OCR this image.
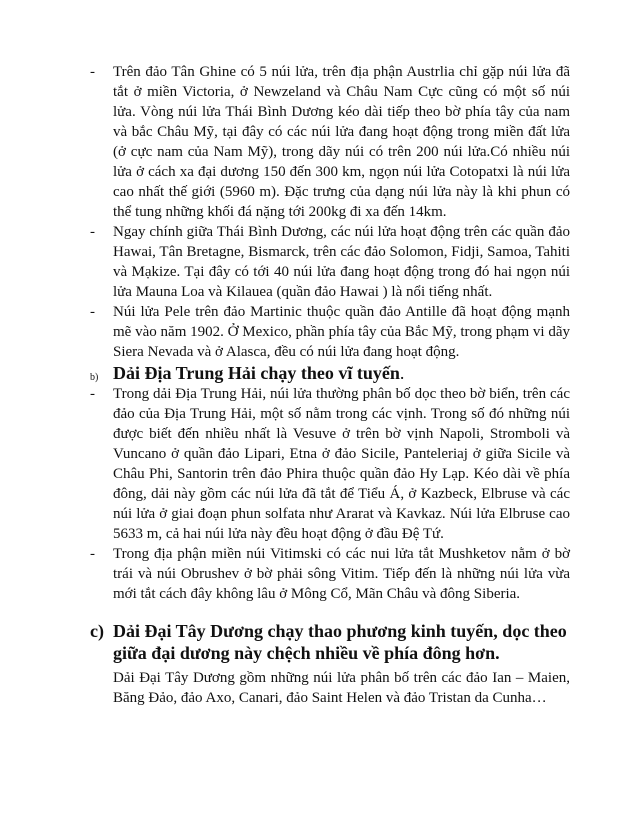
- Trên đảo Tân Ghine có 5 núi lửa, trên địa phận Austrlia chỉ gặp núi lửa đã tắt ở miền Victoria, ở Newzeland và Châu Nam Cực cũng có một số núi lửa. Vòng núi lửa Thái Bình Dương kéo dài tiếp theo bờ phía tây của nam và bắc Châu Mỹ, tại đây có các núi lửa đang hoạt động trong miền đất lửa (ở cực nam của Nam Mỹ), trong dãy núi có trên 200 núi lửa.Có nhiều núi lửa ở cách xa đại dương 150 đến 300 km, ngọn núi lửa Cotopatxi là núi lửa cao nhất thế giới (5960 m). Đặc trưng của dạng núi lửa này là khi phun có thể tung những khối đá nặng tới 200kg đi xa đến 14km.

- Ngay chính giữa Thái Bình Dương, các núi lửa hoạt động trên các quần đảo Hawai, Tân Bretagne, Bismarck, trên các đảo Solomon, Fidji, Samoa, Tahiti và Mạkize. Tại đây có tới 40 núi lửa đang hoạt động trong đó hai ngọn núi lửa Mauna Loa và Kilauea (quần đảo Hawai ) là nổi tiếng nhất.

- Núi lửa Pele trên đảo Martinic thuộc quần đảo Antille đã hoạt động mạnh mẽ vào năm 1902. Ở Mexico, phần phía tây của Bắc Mỹ, trong phạm vi dãy Siera Nevada và ở Alasca, đều có núi lửa đang hoạt động.

b) Dải Địa Trung Hải chạy theo vĩ tuyến.

- Trong dải Địa Trung Hải, núi lửa thường phân bố dọc theo bờ biển, trên các đảo của Địa Trung Hải, một số nằm trong các vịnh. Trong số đó những núi được biết đến nhiều nhất là Vesuve ở trên bờ vịnh Napoli, Stromboli và Vuncano ở quần đảo Lipari, Etna ở đảo Sicile, Panteleriaj ở giữa Sicile và Châu Phi, Santorin trên đảo Phira thuộc quần đảo Hy Lạp. Kéo dài về phía đông, dải này gồm các núi lửa đã tắt để Tiểu Á, ở Kazbeck, Elbruse và các núi lửa ở giai đoạn phun solfata như Ararat và Kavkaz. Núi lửa Elbruse cao 5633 m, cả hai núi lửa này đều hoạt động ở đầu Đệ Tứ.

- Trong địa phận miền núi Vitimski có các nui lửa tắt Mushketov nằm ở bờ trái và núi Obrushev ở bờ phải sông Vitim. Tiếp đến là những núi lửa vừa mới tắt cách đây không lâu ở Mông Cổ, Mãn Châu và đông Siberia.

c) Dải Đại Tây Dương chạy thao phương kinh tuyến, dọc theo giữa đại dương này chệch nhiều về phía đông hơn.

Dải Đại Tây Dương gồm những núi lửa phân bố trên các đảo Ian – Maien, Băng Đảo, đảo Axo, Canari, đảo Saint Helen và đảo Tristan da Cunha…
